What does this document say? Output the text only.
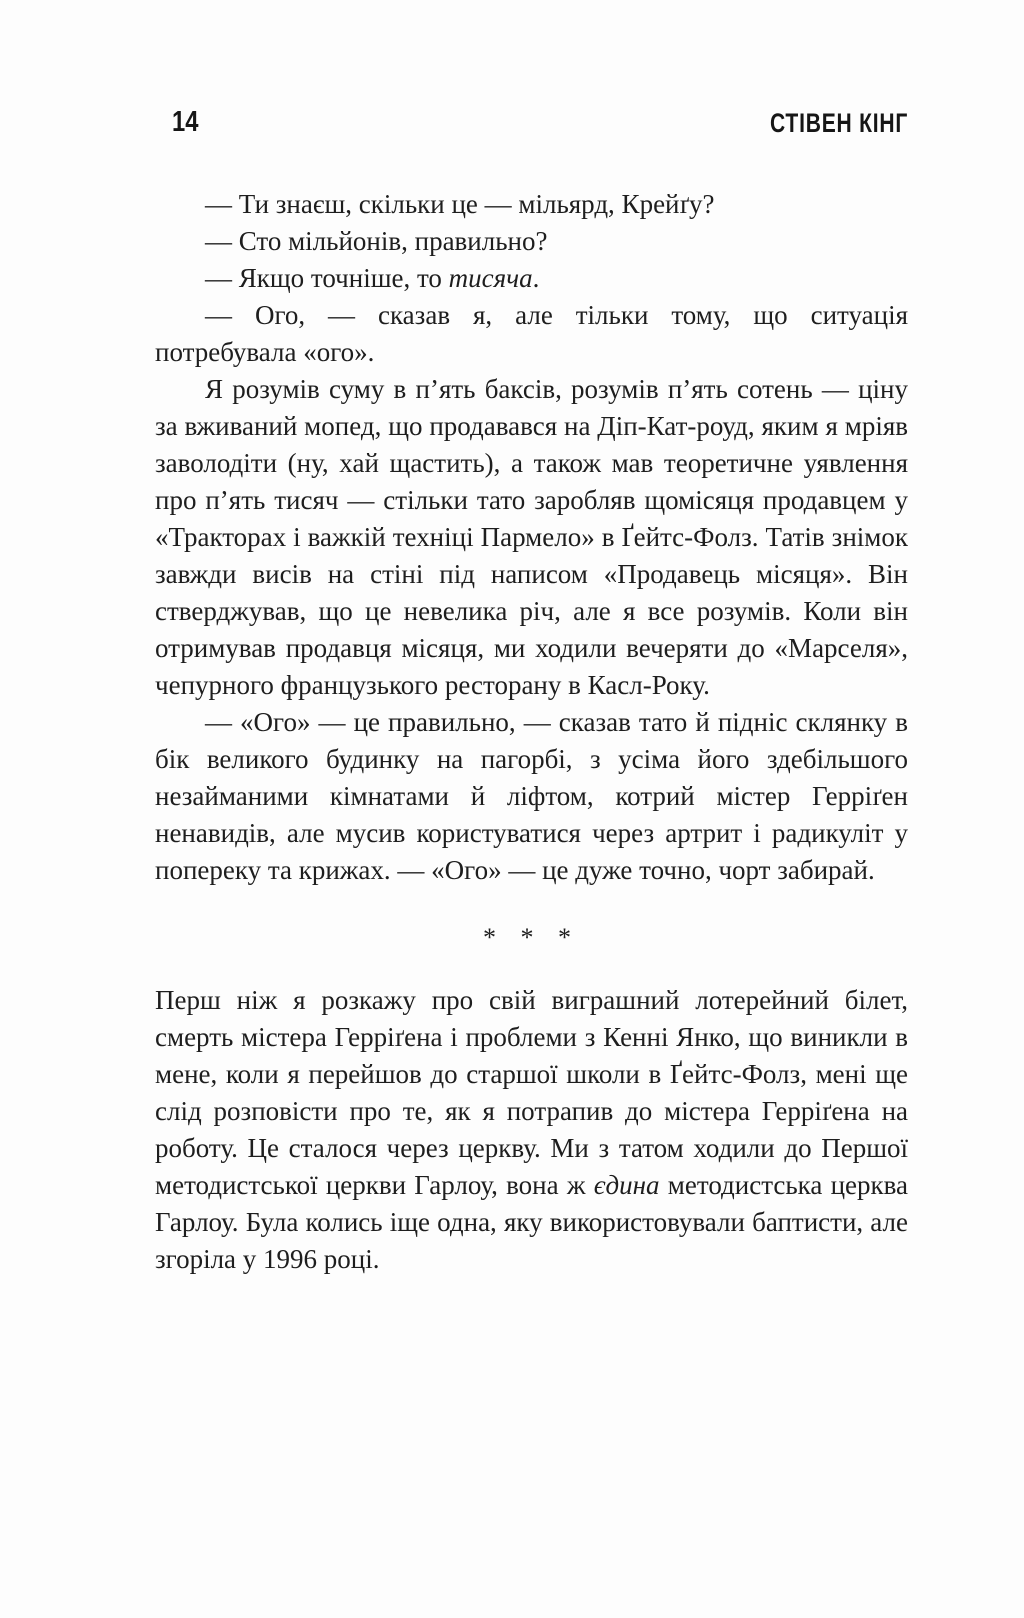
14	СТІВЕН КІНГ

— Ти знаєш, скільки це — мільярд, Крейґу?

— Сто мільйонів, правильно?

— Якщо точніше, то тисяча.

— Ого, — сказав я, але тільки тому, що ситуація потребувала «ого».

Я розумів суму в п’ять баксів, розумів п’ять сотень — ціну за вживаний мопед, що продавався на Діп-Кат-роуд, яким я мріяв заволодіти (ну, хай щастить), а також мав теоретичне уявлення про п’ять тисяч — стільки тато заробляв щомісяця продавцем у «Тракторах і важкій техніці Пармело» в Ґейтс-Фолз. Татів знімок завжди висів на стіні під написом «Продавець місяця». Він стверджував, що це невелика річ, але я все розумів. Коли він отримував продавця місяця, ми ходили вечеряти до «Марселя», чепурного французького ресторану в Касл-Року.

— «Ого» — це правильно, — сказав тато й підніс склянку в бік великого будинку на пагорбі, з усіма його здебільшого незайманими кімнатами й ліфтом, котрий містер Герріґен ненавидів, але мусив користуватися через артрит і радикуліт у попереку та крижах. — «Ого» — це дуже точно, чорт забирай.

* * *

Перш ніж я розкажу про свій виграшний лотерейний білет, смерть містера Герріґена і проблеми з Кенні Янко, що виникли в мене, коли я перейшов до старшої школи в Ґейтс-Фолз, мені ще слід розповісти про те, як я потрапив до містера Герріґена на роботу. Це сталося через церкву. Ми з татом ходили до Першої методистської церкви Гарлоу, вона ж єдина методистська церква Гарлоу. Була колись іще одна, яку використовували баптисти, але згоріла у 1996 році.
